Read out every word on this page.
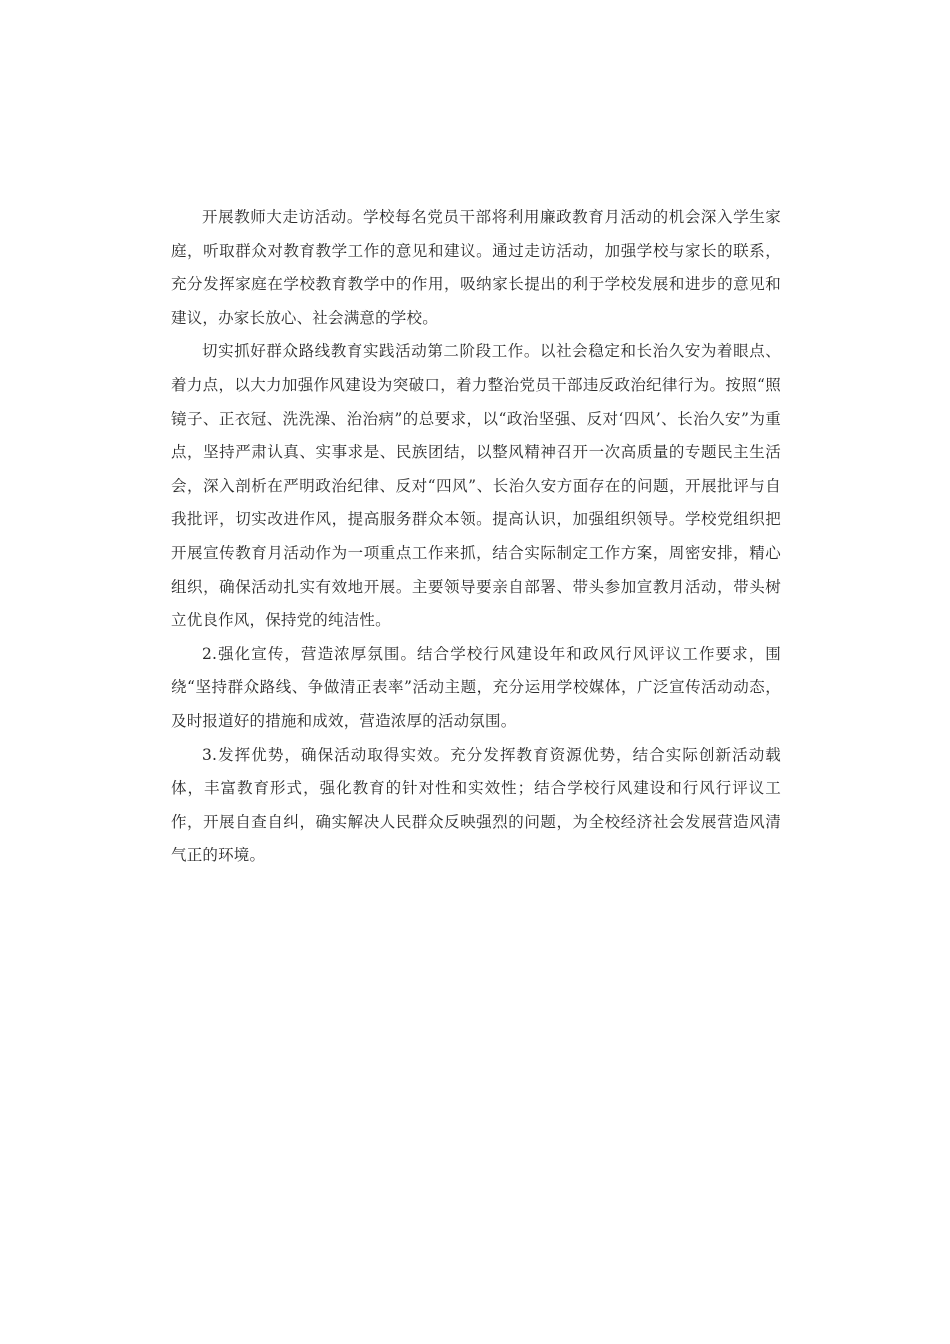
开展教师大走访活动。学校每名党员干部将利用廉政教育月活动的机会深入学生家庭，听取群众对教育教学工作的意见和建议。通过走访活动，加强学校与家长的联系，充分发挥家庭在学校教育教学中的作用，吸纳家长提出的利于学校发展和进步的意见和建议，办家长放心、社会满意的学校。

切实抓好群众路线教育实践活动第二阶段工作。以社会稳定和长治久安为着眼点、着力点，以大力加强作风建设为突破口，着力整治党员干部违反政治纪律行为。按照“照镜子、正衣冠、洗洗澡、治治病”的总要求，以“政治坚强、反对‘四风’、长治久安”为重点，坚持严肃认真、实事求是、民族团结，以整风精神召开一次高质量的专题民主生活会，深入剖析在严明政治纪律、反对“四风”、长治久安方面存在的问题，开展批评与自我批评，切实改进作风，提高服务群众本领。提高认识，加强组织领导。学校党组织把开展宣传教育月活动作为一项重点工作来抓，结合实际制定工作方案，周密安排，精心组织，确保活动扎实有效地开展。主要领导要亲自部署、带头参加宣教月活动，带头树立优良作风，保持党的纯洁性。

2.强化宣传，营造浓厚氛围。结合学校行风建设年和政风行风评议工作要求，围绕“坚持群众路线、争做清正表率”活动主题，充分运用学校媒体，广泛宣传活动动态，及时报道好的措施和成效，营造浓厚的活动氛围。

3.发挥优势，确保活动取得实效。充分发挥教育资源优势，结合实际创新活动载体，丰富教育形式，强化教育的针对性和实效性；结合学校行风建设和行风行评议工作，开展自查自纠，确实解决人民群众反映强烈的问题，为全校经济社会发展营造风清气正的环境。
